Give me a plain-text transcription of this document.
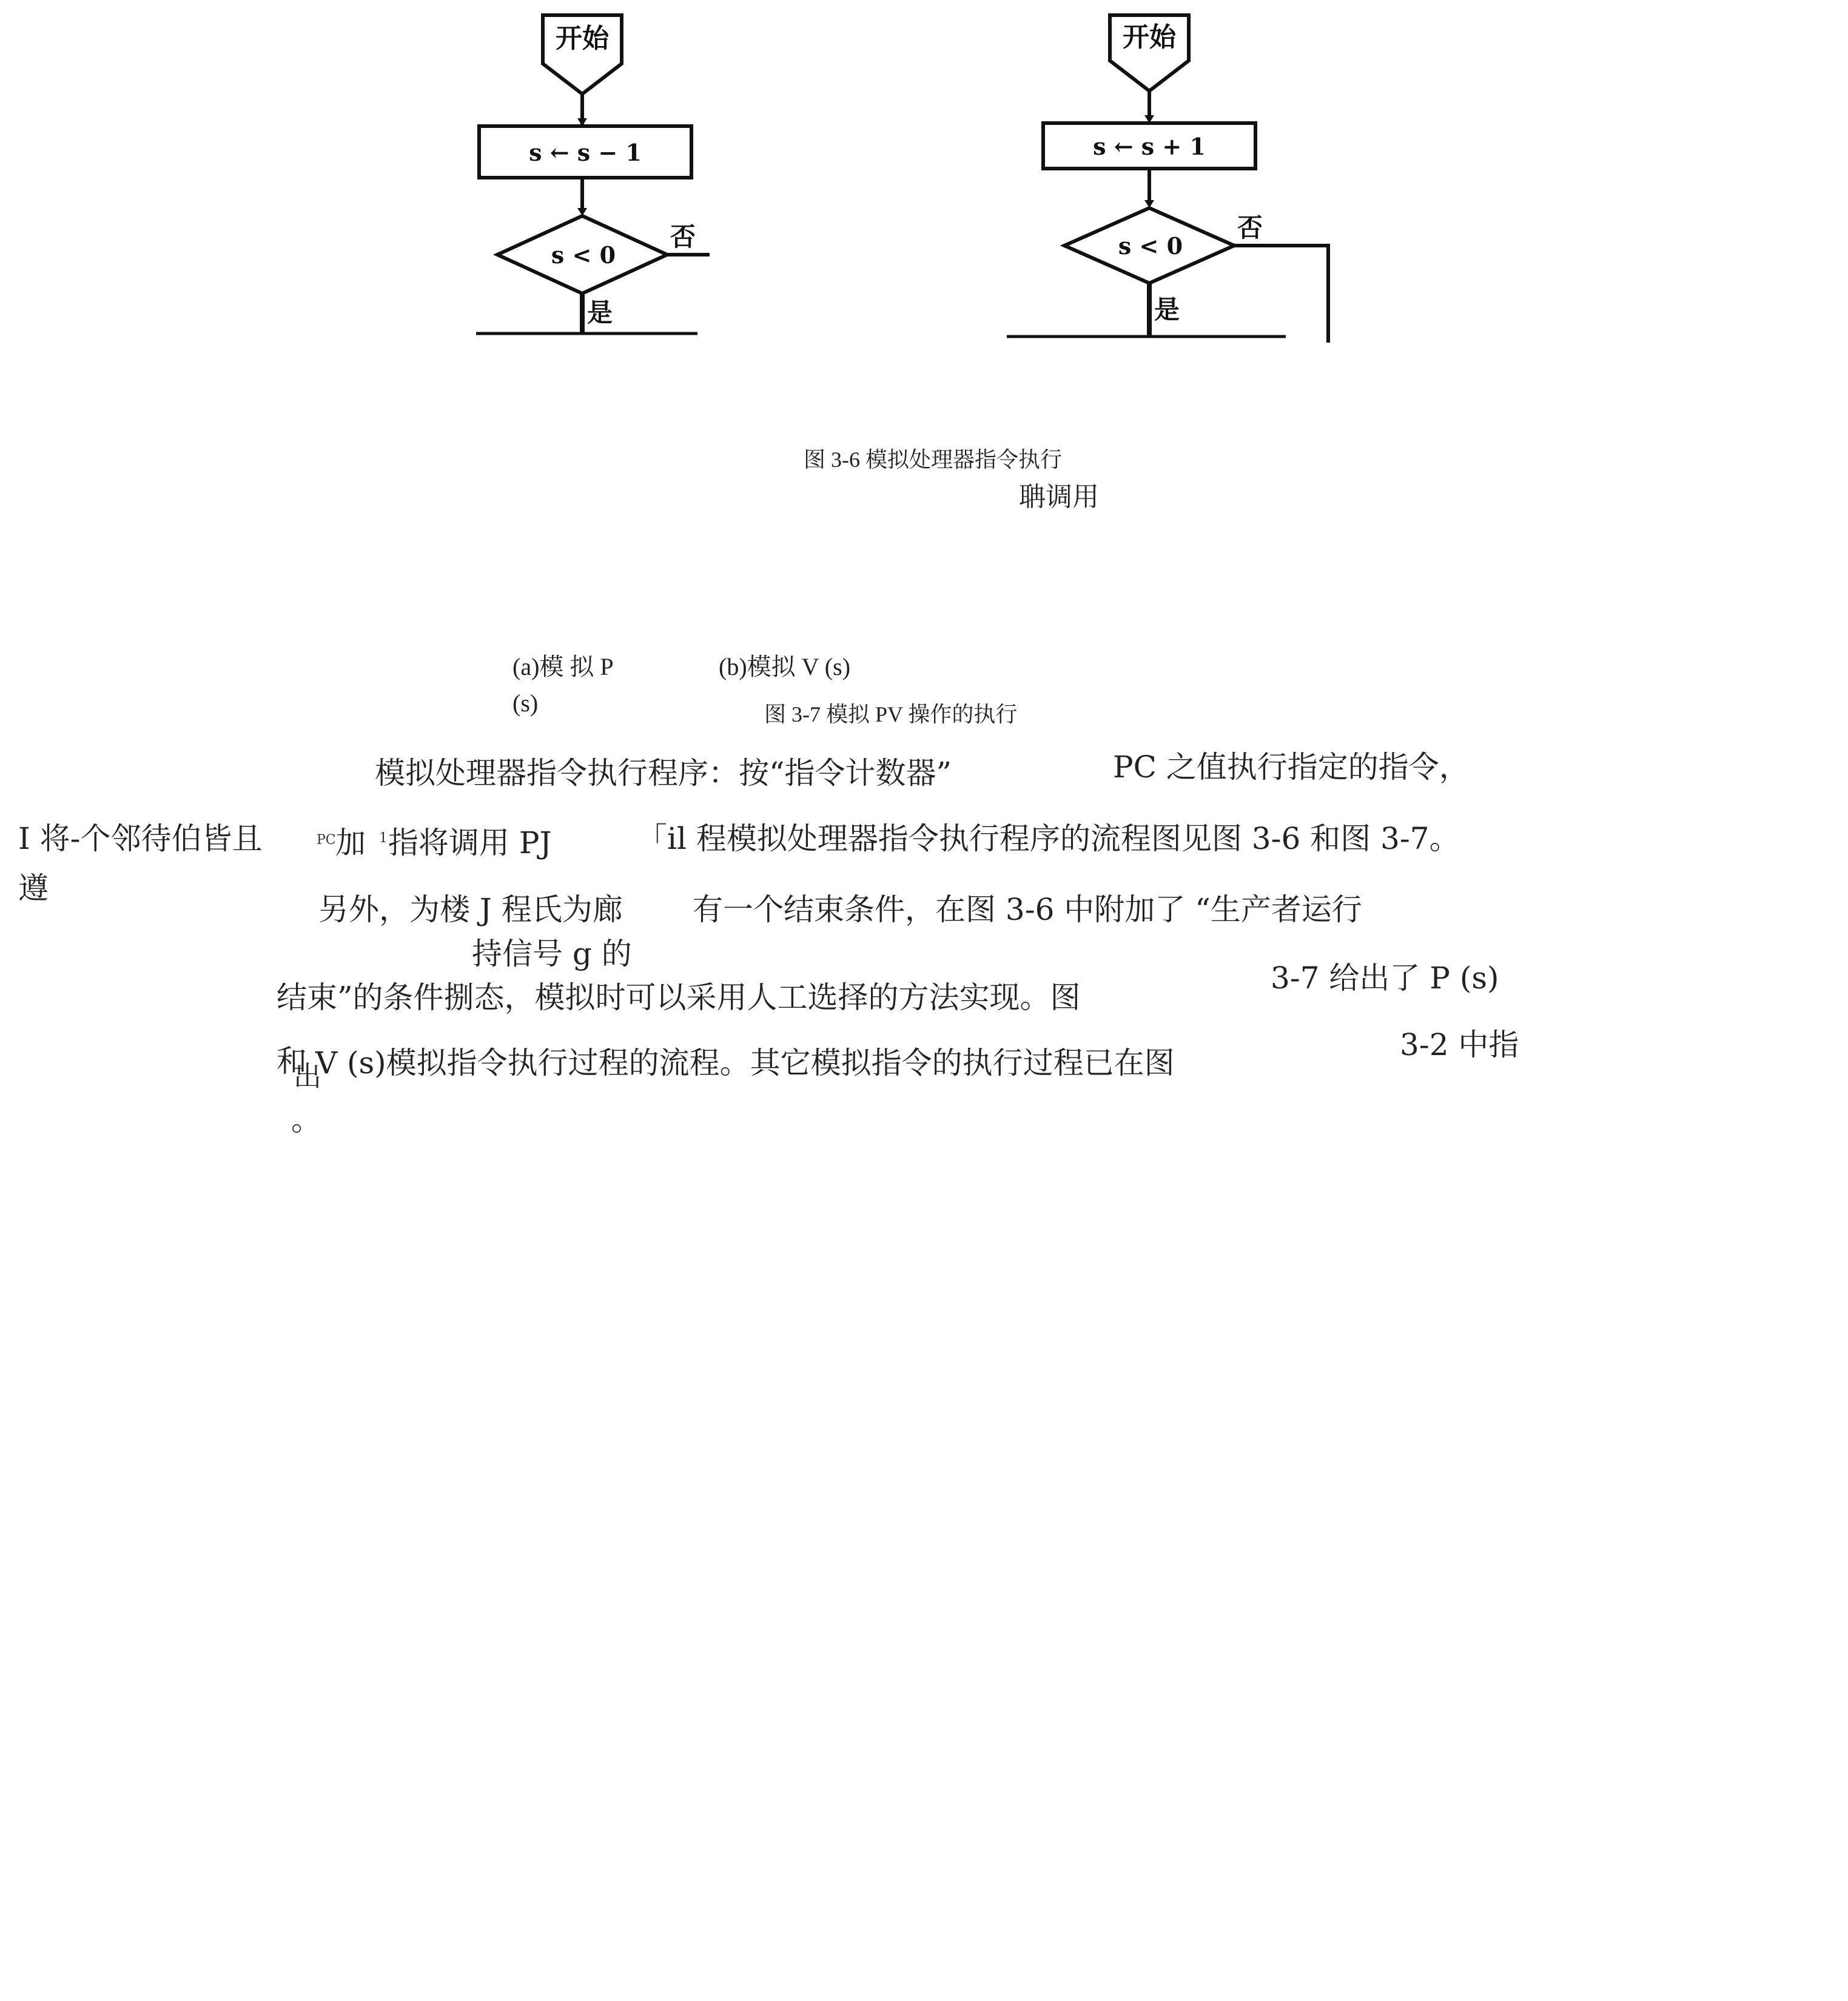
开始
s ← s − 1
s < 0
否
是
开始
s ← s + 1
s < 0
否
是
图 3-6 模拟处理器指令执行
聃调用
(a)模 拟 P
(s)
(b)模拟 V (s)
图 3-7 模拟 PV 操作的执行
模拟处理器指令执行程序：按“指令计数器”	PC 之值执行指定的指令，
I 将-个邻待伯皆且	PC 加 1 指将调用 PJ	「il 程模拟处理器指令执行程序的流程图见图 3-6 和图 3-7。
遵
另外，为楼 J 程氏为廊 有一个结束条件，在图 3-6 中附加了 “生产者运行
持信号 g 的
结束”的条件捌态，模拟时可以采用人工选择的方法实现。图
3-7 给出了 P (s)
和 V (s)模拟指令执行过程的流程。其它模拟指令的执行过程已在图
出
3-2 中指
。
